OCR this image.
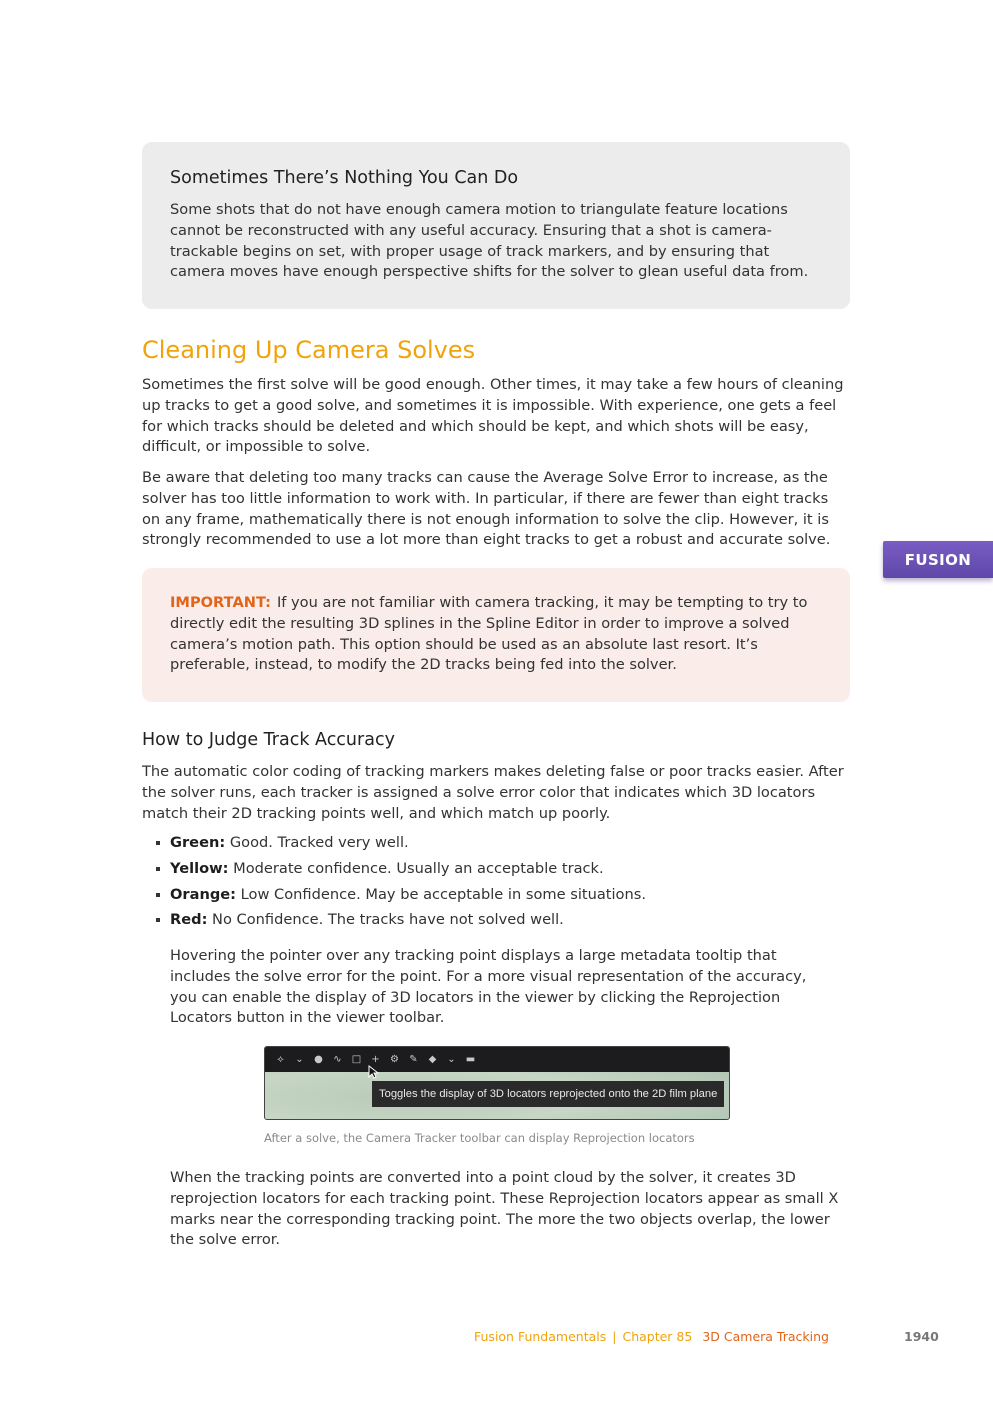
Sometimes There’s Nothing You Can Do
Some shots that do not have enough camera motion to triangulate feature locations cannot be reconstructed with any useful accuracy. Ensuring that a shot is camera-trackable begins on set, with proper usage of track markers, and by ensuring that camera moves have enough perspective shifts for the solver to glean useful data from.
Cleaning Up Camera Solves
Sometimes the first solve will be good enough. Other times, it may take a few hours of cleaning up tracks to get a good solve, and sometimes it is impossible. With experience, one gets a feel for which tracks should be deleted and which should be kept, and which shots will be easy, difficult, or impossible to solve.
Be aware that deleting too many tracks can cause the Average Solve Error to increase, as the solver has too little information to work with. In particular, if there are fewer than eight tracks on any frame, mathematically there is not enough information to solve the clip. However, it is strongly recommended to use a lot more than eight tracks to get a robust and accurate solve.
IMPORTANT: If you are not familiar with camera tracking, it may be tempting to try to directly edit the resulting 3D splines in the Spline Editor in order to improve a solved camera’s motion path. This option should be used as an absolute last resort. It’s preferable, instead, to modify the 2D tracks being fed into the solver.
FUSION
How to Judge Track Accuracy
The automatic color coding of tracking markers makes deleting false or poor tracks easier. After the solver runs, each tracker is assigned a solve error color that indicates which 3D locators match their 2D tracking points well, and which match up poorly.
Green: Good. Tracked very well.
Yellow: Moderate confidence. Usually an acceptable track.
Orange: Low Confidence. May be acceptable in some situations.
Red: No Confidence. The tracks have not solved well.
Hovering the pointer over any tracking point displays a large metadata tooltip that includes the solve error for the point. For a more visual representation of the accuracy, you can enable the display of 3D locators in the viewer by clicking the Reprojection Locators button in the viewer toolbar.
⟡	⌄	●	∿	□	+	⚙	✎	◆	⌄	▬
Toggles the display of 3D locators reprojected onto the 2D film plane
After a solve, the Camera Tracker toolbar can display Reprojection locators
When the tracking points are converted into a point cloud by the solver, it creates 3D reprojection locators for each tracking point. These Reprojection locators appear as small X marks near the corresponding tracking point. The more the two objects overlap, the lower the solve error.
Fusion Fundamentals | Chapter 85 3D Camera Tracking	1940
